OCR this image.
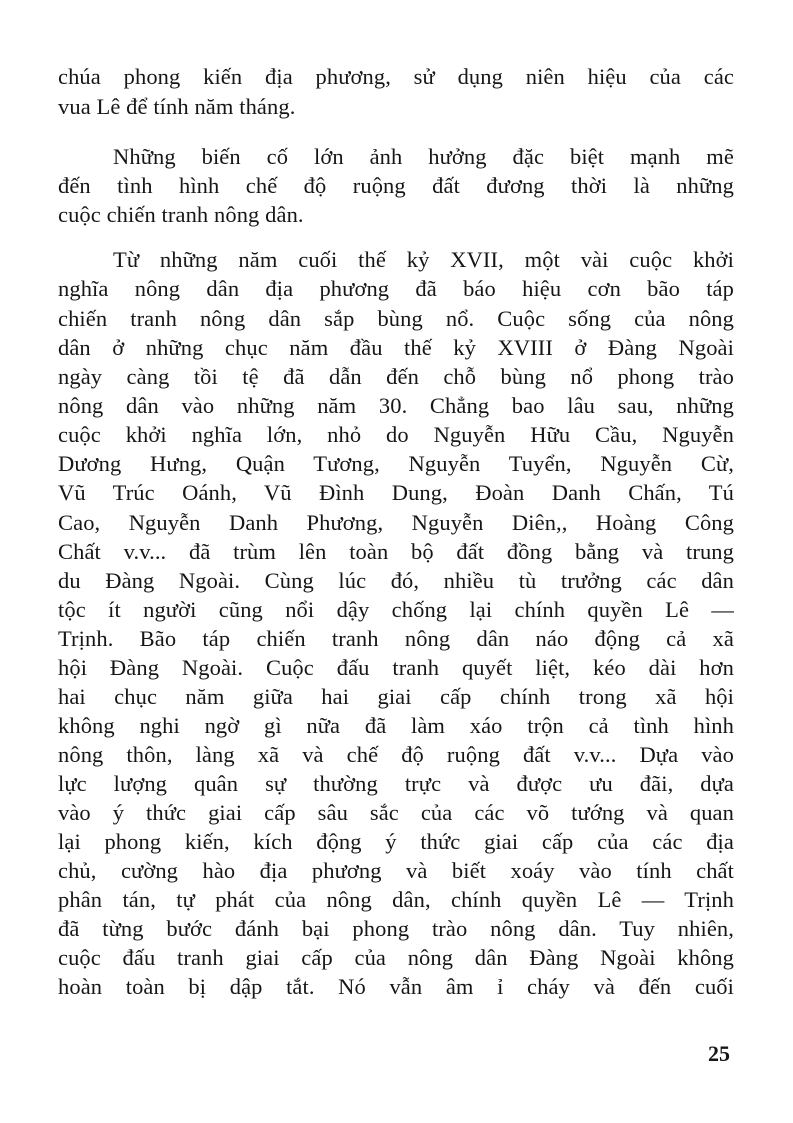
chúa phong kiến địa phương, sử dụng niên hiệu của các
vua Lê để tính năm tháng.
Những biến cố lớn ảnh hưởng đặc biệt mạnh mẽ
đến tình hình chế độ ruộng đất đương thời là những
cuộc chiến tranh nông dân.
Từ những năm cuối thế kỷ XVII, một vài cuộc khởi
nghĩa nông dân địa phương đã báo hiệu cơn bão táp
chiến tranh nông dân sắp bùng nổ. Cuộc sống của nông
dân ở những chục năm đầu thế kỷ XVIII ở Đàng Ngoài
ngày càng tồi tệ đã dẫn đến chỗ bùng nổ phong trào
nông dân vào những năm 30. Chẳng bao lâu sau, những
cuộc khởi nghĩa lớn, nhỏ do Nguyễn Hữu Cầu, Nguyễn
Dương Hưng, Quận Tương, Nguyễn Tuyển, Nguyễn Cừ,
Vũ Trúc Oánh, Vũ Đình Dung, Đoàn Danh Chấn, Tú
Cao, Nguyễn Danh Phương, Nguyễn Diên,, Hoàng Công
Chất v.v... đã trùm lên toàn bộ đất đồng bằng và trung
du Đàng Ngoài. Cùng lúc đó, nhiều tù trưởng các dân
tộc ít người cũng nổi dậy chống lại chính quyền Lê —
Trịnh. Bão táp chiến tranh nông dân náo động cả xã
hội Đàng Ngoài. Cuộc đấu tranh quyết liệt, kéo dài hơn
hai chục năm giữa hai giai cấp chính trong xã hội
không nghi ngờ gì nữa đã làm xáo trộn cả tình hình
nông thôn, làng xã và chế độ ruộng đất v.v... Dựa vào
lực lượng quân sự thường trực và được ưu đãi, dựa
vào ý thức giai cấp sâu sắc của các võ tướng và quan
lại phong kiến, kích động ý thức giai cấp của các địa
chủ, cường hào địa phương và biết xoáy vào tính chất
phân tán, tự phát của nông dân, chính quyền Lê — Trịnh
đã từng bước đánh bại phong trào nông dân. Tuy nhiên,
cuộc đấu tranh giai cấp của nông dân Đàng Ngoài không
hoàn toàn bị dập tắt. Nó vẫn âm ỉ cháy và đến cuối
25
